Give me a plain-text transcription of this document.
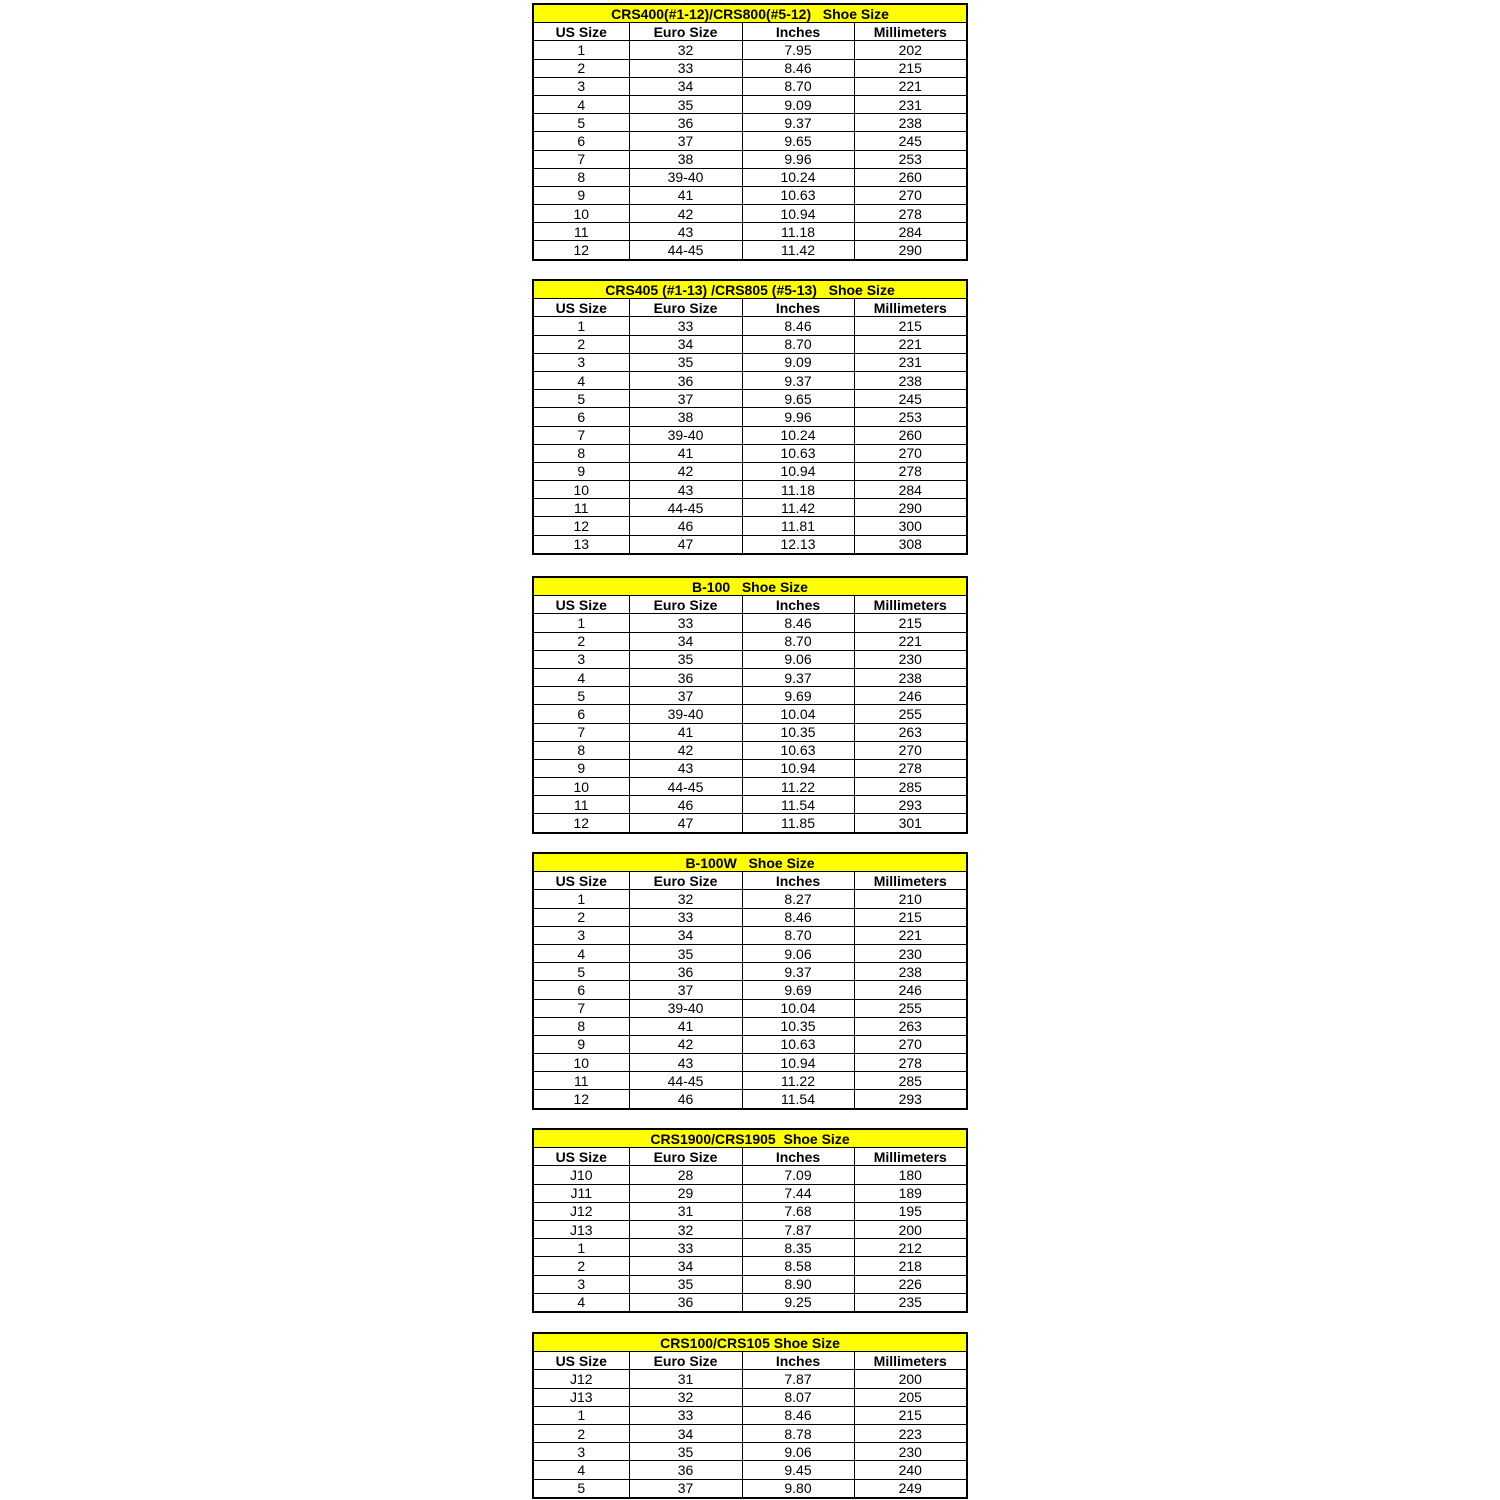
CRS400(#1-12)/CRS800(#5-12)   Shoe Size			
US Size	Euro Size	Inches	Millimeters
1	32	7.95	202
2	33	8.46	215
3	34	8.70	221
4	35	9.09	231
5	36	9.37	238
6	37	9.65	245
7	38	9.96	253
8	39-40	10.24	260
9	41	10.63	270
10	42	10.94	278
11	43	11.18	284
12	44-45	11.42	290
CRS405 (#1-13) /CRS805 (#5-13)   Shoe Size			
US Size	Euro Size	Inches	Millimeters
1	33	8.46	215
2	34	8.70	221
3	35	9.09	231
4	36	9.37	238
5	37	9.65	245
6	38	9.96	253
7	39-40	10.24	260
8	41	10.63	270
9	42	10.94	278
10	43	11.18	284
11	44-45	11.42	290
12	46	11.81	300
13	47	12.13	308
B-100   Shoe Size			
US Size	Euro Size	Inches	Millimeters
1	33	8.46	215
2	34	8.70	221
3	35	9.06	230
4	36	9.37	238
5	37	9.69	246
6	39-40	10.04	255
7	41	10.35	263
8	42	10.63	270
9	43	10.94	278
10	44-45	11.22	285
11	46	11.54	293
12	47	11.85	301
B-100W   Shoe Size			
US Size	Euro Size	Inches	Millimeters
1	32	8.27	210
2	33	8.46	215
3	34	8.70	221
4	35	9.06	230
5	36	9.37	238
6	37	9.69	246
7	39-40	10.04	255
8	41	10.35	263
9	42	10.63	270
10	43	10.94	278
11	44-45	11.22	285
12	46	11.54	293
CRS1900/CRS1905  Shoe Size			
US Size	Euro Size	Inches	Millimeters
J10	28	7.09	180
J11	29	7.44	189
J12	31	7.68	195
J13	32	7.87	200
1	33	8.35	212
2	34	8.58	218
3	35	8.90	226
4	36	9.25	235
CRS100/CRS105 Shoe Size			
US Size	Euro Size	Inches	Millimeters
J12	31	7.87	200
J13	32	8.07	205
1	33	8.46	215
2	34	8.78	223
3	35	9.06	230
4	36	9.45	240
5	37	9.80	249
